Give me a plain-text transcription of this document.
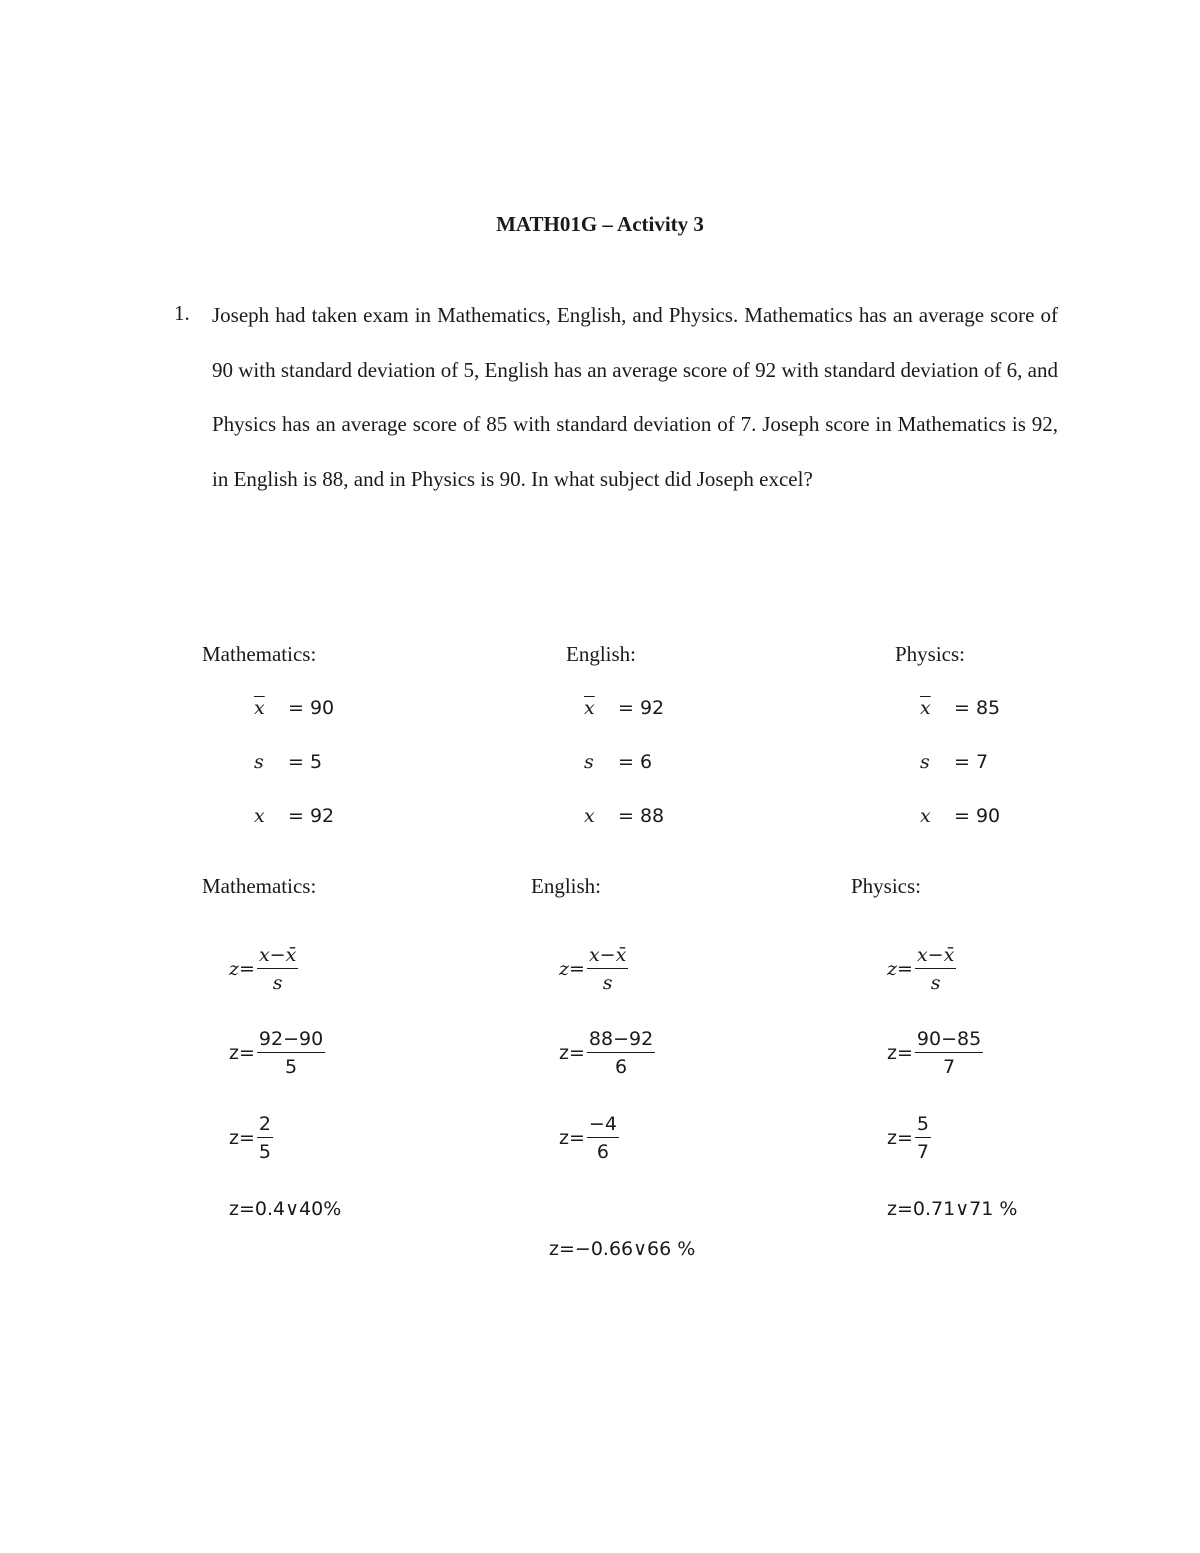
MATH01G – Activity 3
1. Joseph had taken exam in Mathematics, English, and Physics. Mathematics has an average score of 90 with standard deviation of 5, English has an average score of 92 with standard deviation of 6, and Physics has an average score of 85 with standard deviation of 7. Joseph score in Mathematics is 92, in English is 88, and in Physics is 90. In what subject did Joseph excel?
Mathematics:
$\overline{x} = 90$
s = 5
x = 92
English:
$\overline{x} = 92$
s = 6
x = 88
Physics:
$\overline{x} = 85$
s = 7
x = 90
Mathematics:
$z= \frac{x-x̄}{s}$
$z= \frac{92-90}{5}$
$z= \frac{2}{5}$
z=0.4∨40%
English:
$z= \frac{x-x̄}{s}$
$z= \frac{88-92}{6}$
$z= \frac{-4}{6}$
z=−0.66∨66 %
Physics:
$z= \frac{x-x̄}{s}$
$z= \frac{90-85}{7}$
$z= \frac{5}{7}$
z=0.71∨71 %
